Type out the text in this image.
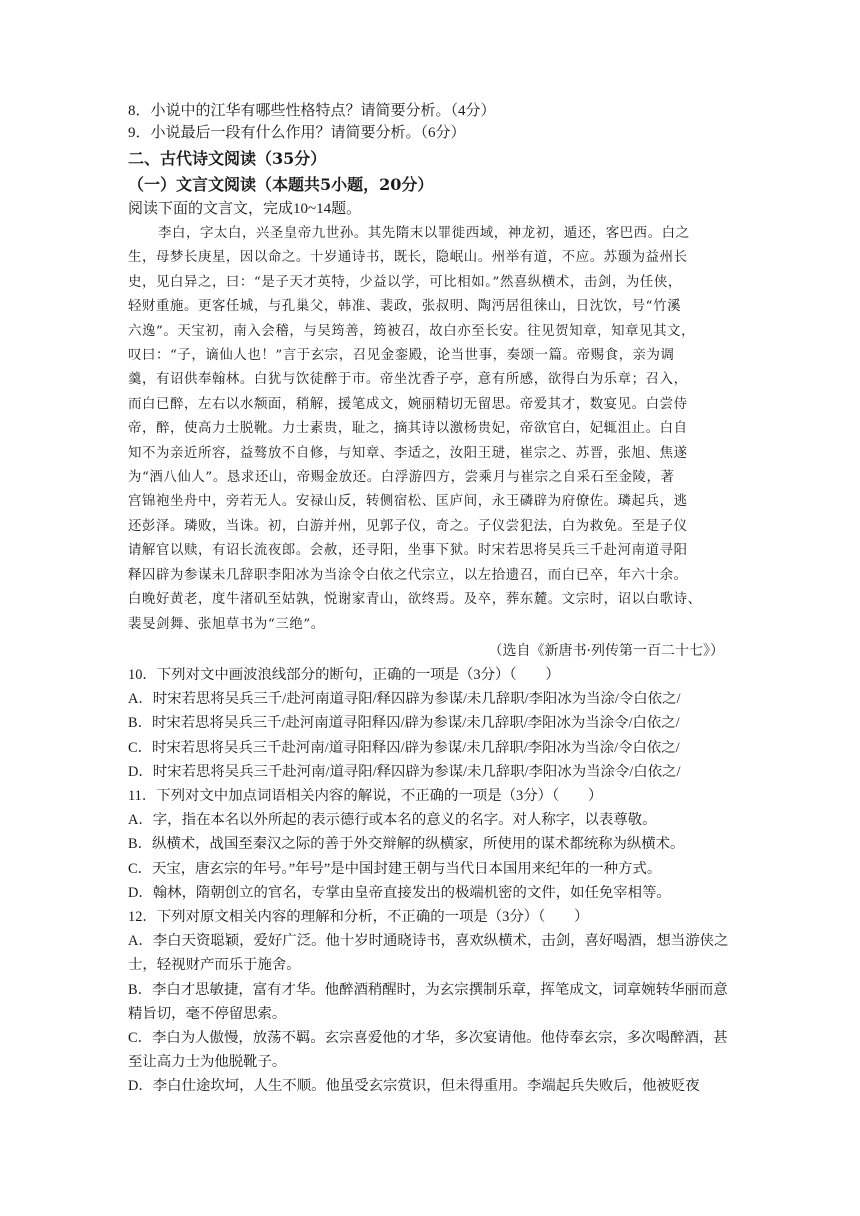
8．小说中的江华有哪些性格特点？请简要分析。（4分）
9．小说最后一段有什么作用？请简要分析。（6分）
二、古代诗文阅读（35分）
（一）文言文阅读（本题共5小题，20分）
阅读下面的文言文，完成10~14题。
李白，字太白，兴圣皇帝九世孙。其先隋末以罪徙西域，神龙初，遁还，客巴西。白之
生，母梦长庚星，因以命之。十岁通诗书，既长，隐岷山。州举有道，不应。苏颋为益州长
史，见白异之，曰：“是子天才英特，少益以学，可比相如。”然喜纵横术，击剑，为任侠，
轻财重施。更客任城，与孔巢父，韩准、裴政，张叔明、陶沔居徂徕山，日沈饮，号“竹溪
六逸”。天宝初，南入会稽，与吴筠善，筠被召，故白亦至长安。往见贺知章，知章见其文，
叹曰：“子，谪仙人也！”言于玄宗，召见金銮殿，论当世事，奏颂一篇。帝赐食，亲为调
羹，有诏供奉翰林。白犹与饮徒醉于市。帝坐沈香子亭，意有所感，欲得白为乐章；召入，
而白已醉，左右以水颒面，稍解，援笔成文，婉丽精切无留思。帝爱其才，数宴见。白尝侍
帝，醉，使高力士脱靴。力士素贵，耻之，摘其诗以激杨贵妃，帝欲官白，妃辄沮止。白自
知不为亲近所容，益骜放不自修，与知章、李适之，汝阳王琎，崔宗之、苏晋，张旭、焦遂
为“酒八仙人”。恳求还山，帝赐金放还。白浮游四方，尝乘月与崔宗之自采石至金陵，著
宫锦袍坐舟中，旁若无人。安禄山反，转侧宿松、匡庐间，永王磷辟为府僚佐。璘起兵，逃
还彭泽。璘败，当诛。初，白游并州，见郭子仪，奇之。子仪尝犯法，白为救免。至是子仪
请解官以赎，有诏长流夜郎。会赦，还寻阳，坐事下狱。时宋若思将吴兵三千赴河南道寻阳
释囚辟为参谋未几辞职李阳冰为当涂令白依之代宗立，以左拾遗召，而白已卒，年六十余。
白晚好黄老，度牛渚矶至姑孰，悦谢家青山，欲终焉。及卒，葬东麓。文宗时，诏以白歌诗、
裴旻剑舞、张旭草书为“三绝”。
（选自《新唐书·列传第一百二十七》）
10．下列对文中画波浪线部分的断句，正确的一项是（3分）（　　）
A．时宋若思将吴兵三千/赴河南道寻阳/释囚辟为参谋/未几辞职/李阳冰为当涂/令白依之/
B．时宋若思将吴兵三千/赴河南道寻阳释囚/辟为参谋/未几辞职/李阳冰为当涂令/白依之/
C．时宋若思将吴兵三千赴河南/道寻阳释囚/辟为参谋/未几辞职/李阳冰为当涂/令白依之/
D．时宋若思将吴兵三千赴河南/道寻阳/释囚辟为参谋/未几辞职/李阳冰为当涂令/白依之/
11．下列对文中加点词语相关内容的解说，不正确的一项是（3分）（　　）
A．字，指在本名以外所起的表示德行或本名的意义的名字。对人称字，以表尊敬。
B．纵横术，战国至秦汉之际的善于外交辩解的纵横家，所使用的谋术都统称为纵横术。
C．天宝，唐玄宗的年号。”年号”是中国封建王朝与当代日本国用来纪年的一种方式。
D．翰林，隋朝创立的官名，专掌由皇帝直接发出的极端机密的文件，如任免宰相等。
12．下列对原文相关内容的理解和分析，不正确的一项是（3分）（　　）
A．李白天资聪颖，爱好广泛。他十岁时通晓诗书，喜欢纵横术，击剑，喜好喝酒，想当游侠之士，轻视财产而乐于施舍。
B．李白才思敏捷，富有才华。他醉酒稍醒时，为玄宗撰制乐章，挥笔成文，词章婉转华丽而意精旨切，毫不停留思索。
C．李白为人傲慢，放荡不羁。玄宗喜爱他的才华，多次宴请他。他侍奉玄宗，多次喝醉酒，甚至让高力士为他脱靴子。
D．李白仕途坎坷，人生不顺。他虽受玄宗赏识，但未得重用。李端起兵失败后，他被贬夜
